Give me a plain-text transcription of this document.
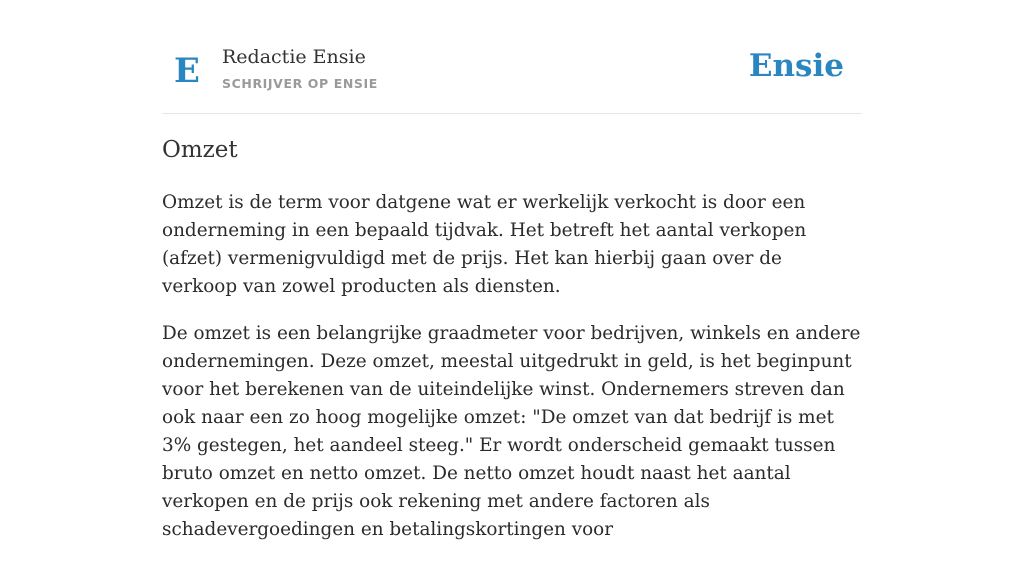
E Redactie Ensie
SCHRIJVER OP ENSIE	Ensie
Omzet

Omzet is de term voor datgene wat er werkelijk verkocht is door een onderneming in een bepaald tijdvak. Het betreft het aantal verkopen (afzet) vermenigvuldigd met de prijs. Het kan hierbij gaan over de verkoop van zowel producten als diensten.

De omzet is een belangrijke graadmeter voor bedrijven, winkels en andere ondernemingen. Deze omzet, meestal uitgedrukt in geld, is het beginpunt voor het berekenen van de uiteindelijke winst. Ondernemers streven dan ook naar een zo hoog mogelijke omzet: "De omzet van dat bedrijf is met 3% gestegen, het aandeel steeg." Er wordt onderscheid gemaakt tussen bruto omzet en netto omzet. De netto omzet houdt naast het aantal verkopen en de prijs ook rekening met andere factoren als schadevergoedingen en betalingskortingen voor
